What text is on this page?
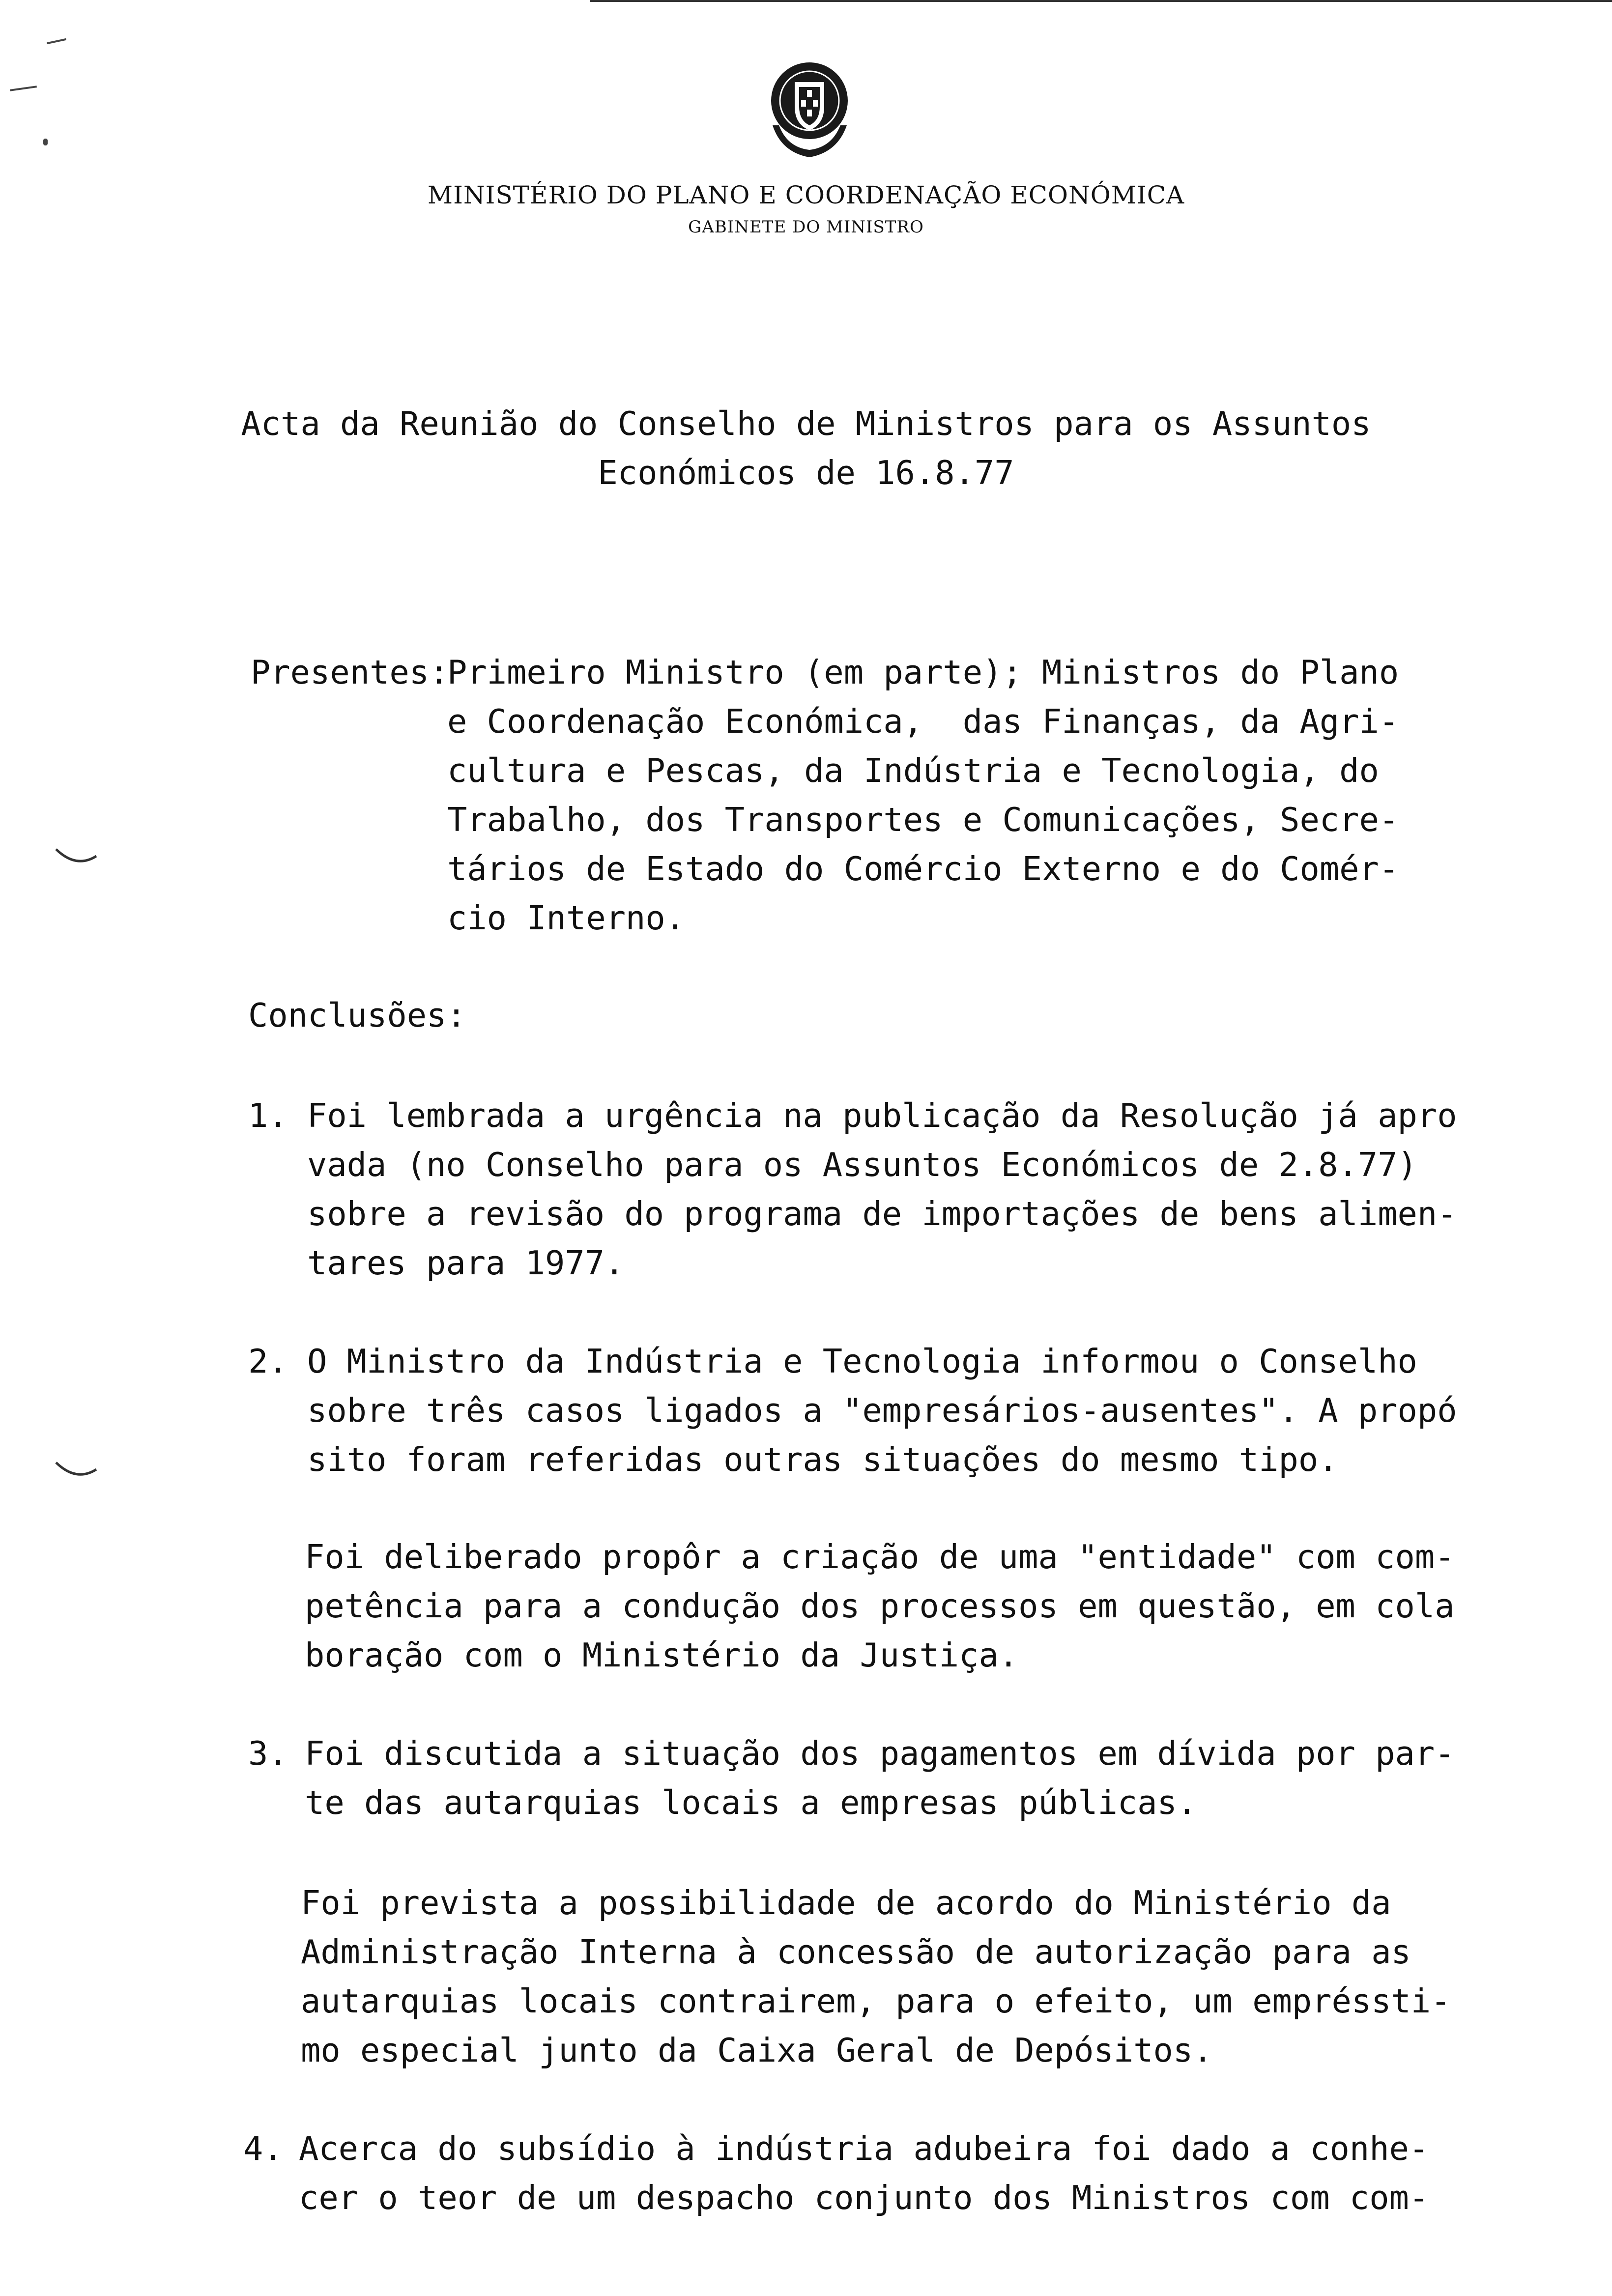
MINISTÉRIO DO PLANO E COORDENAÇÃO ECONÓMICA
GABINETE DO MINISTRO
Acta da Reunião do Conselho de Ministros para os Assuntos
Económicos de 16.8.77
Presentes:
Primeiro Ministro (em parte); Ministros do Plano
e Coordenação Económica,  das Finanças, da Agri-
cultura e Pescas, da Indústria e Tecnologia, do
Trabalho, dos Transportes e Comunicações, Secre-
tários de Estado do Comércio Externo e do Comér-
cio Interno.
Conclusões:
1. Foi lembrada a urgência na publicação da Resolução já apro
vada (no Conselho para os Assuntos Económicos de 2.8.77)
sobre a revisão do programa de importações de bens alimen-
tares para 1977.
2. O Ministro da Indústria e Tecnologia informou o Conselho
sobre três casos ligados a "empresários-ausentes". A propó
sito foram referidas outras situações do mesmo tipo.
Foi deliberado propôr a criação de uma "entidade" com com-
petência para a condução dos processos em questão, em cola
boração com o Ministério da Justiça.
3. Foi discutida a situação dos pagamentos em dívida por par-
te das autarquias locais a empresas públicas.
Foi prevista a possibilidade de acordo do Ministério da
Administração Interna à concessão de autorização para as
autarquias locais contrairem, para o efeito, um empréssti-
mo especial junto da Caixa Geral de Depósitos.
4. Acerca do subsídio à indústria adubeira foi dado a conhe-
cer o teor de um despacho conjunto dos Ministros com com-
